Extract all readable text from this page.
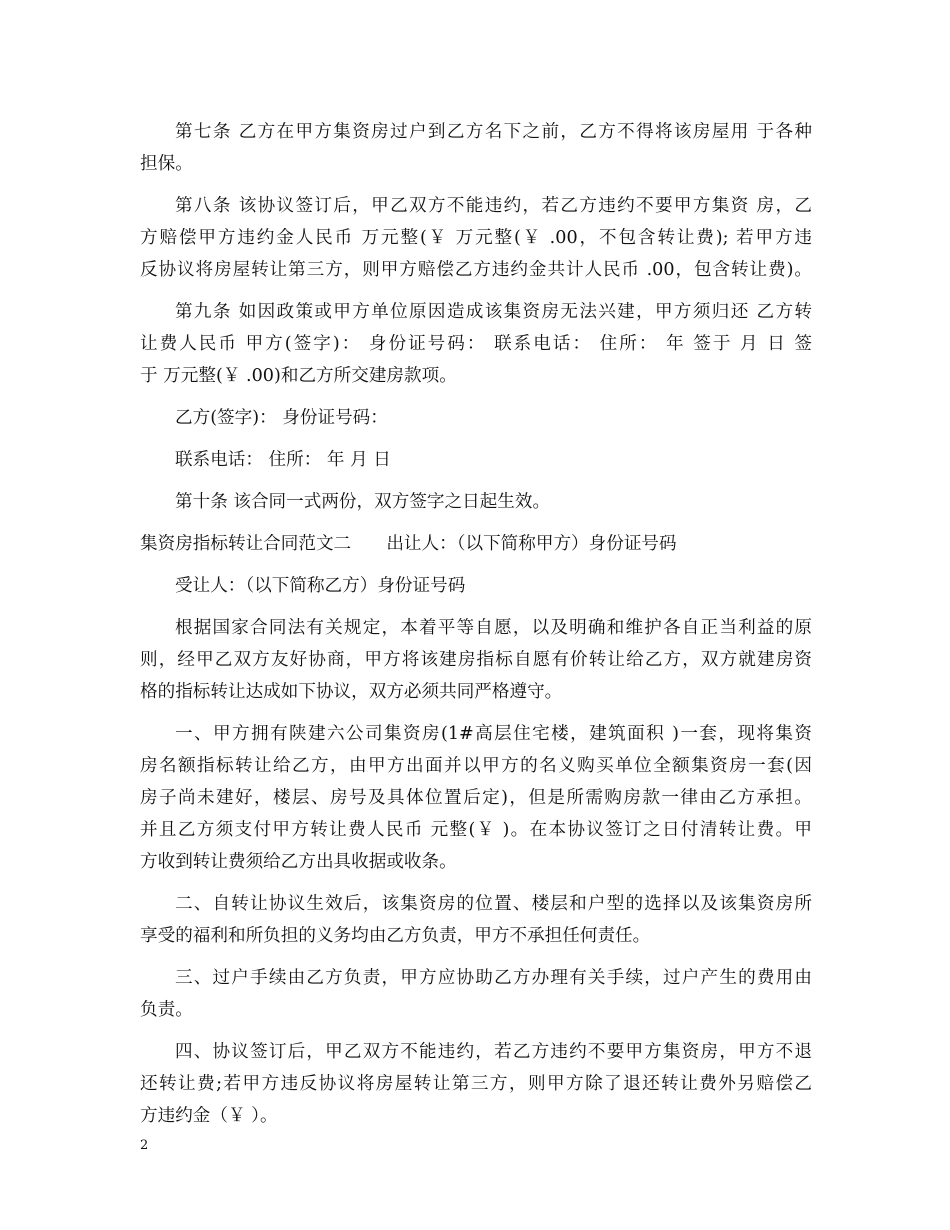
第七条 乙方在甲方集资房过户到乙方名下之前，乙方不得将该房屋用 于各种
担保。
第八条 该协议签订后，甲乙双方不能违约，若乙方违约不要甲方集资 房，乙
方赔偿甲方违约金人民币 万元整(￥ 万元整(￥ .00，不包含转让费); 若甲方违
反协议将房屋转让第三方，则甲方赔偿乙方违约金共计人民币 .00，包含转让费)。
第九条 如因政策或甲方单位原因造成该集资房无法兴建，甲方须归还 乙方转
让费人民币 甲方(签字)： 身份证号码： 联系电话： 住所： 年 签于 月 日 签
于 万元整(￥ .00)和乙方所交建房款项。
乙方(签字)： 身份证号码：
联系电话： 住所： 年 月 日
第十条 该合同一式两份，双方签字之日起生效。
集资房指标转让合同范文二　　出让人：（以下简称甲方）身份证号码
受让人：（以下简称乙方）身份证号码
根据国家合同法有关规定，本着平等自愿，以及明确和维护各自正当利益的原
则，经甲乙双方友好协商，甲方将该建房指标自愿有价转让给乙方，双方就建房资
格的指标转让达成如下协议，双方必须共同严格遵守。
一、甲方拥有陕建六公司集资房(1#高层住宅楼，建筑面积 )一套，现将集资
房名额指标转让给乙方，由甲方出面并以甲方的名义购买单位全额集资房一套(因
房子尚未建好，楼层、房号及具体位置后定)，但是所需购房款一律由乙方承担。
并且乙方须支付甲方转让费人民币 元整(￥ )。在本协议签订之日付清转让费。甲
方收到转让费须给乙方出具收据或收条。
二、自转让协议生效后，该集资房的位置、楼层和户型的选择以及该集资房所
享受的福利和所负担的义务均由乙方负责，甲方不承担任何责任。
三、过户手续由乙方负责，甲方应协助乙方办理有关手续，过户产生的费用由
负责。
四、协议签订后，甲乙双方不能违约，若乙方违约不要甲方集资房，甲方不退
还转让费;若甲方违反协议将房屋转让第三方，则甲方除了退还转让费外另赔偿乙
方违约金（￥ ）。
2
